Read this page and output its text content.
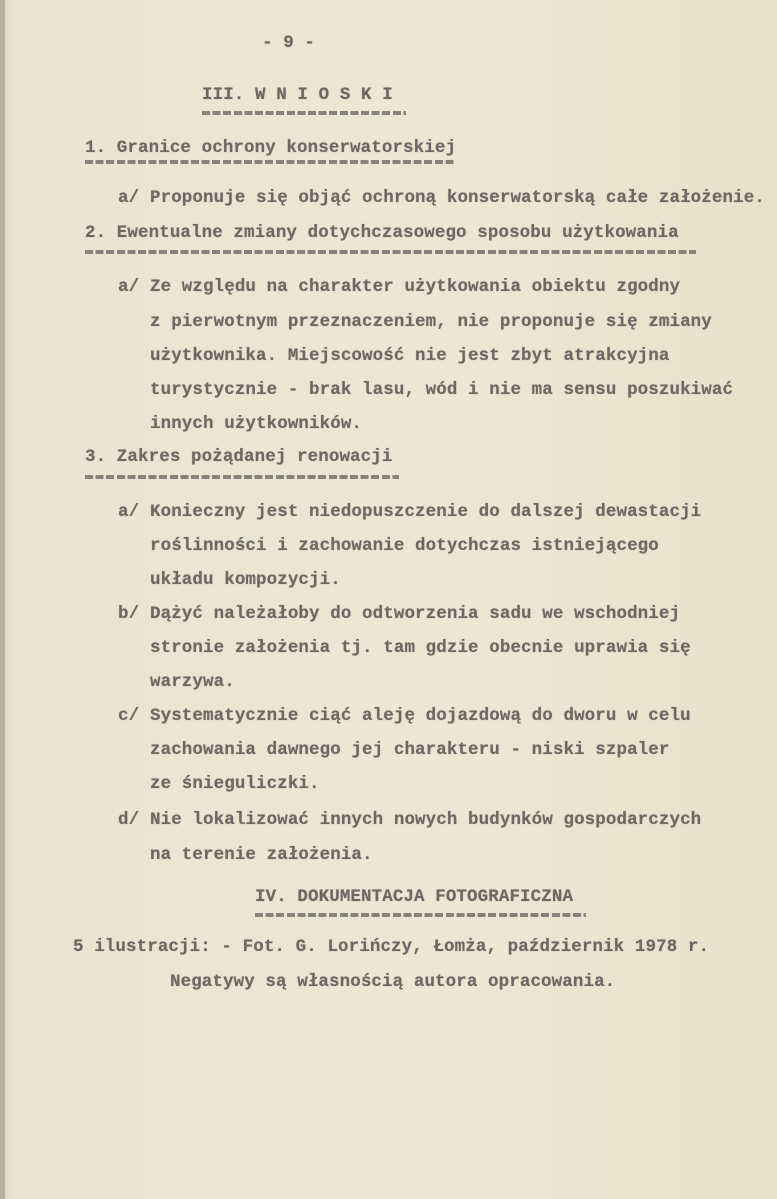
- 9 -
III. W N I O S K I
1. Granice ochrony konserwatorskiej
a/ Proponuje się objąć ochroną konserwatorską całe założenie.
2. Ewentualne zmiany dotychczasowego sposobu użytkowania
a/ Ze względu na charakter użytkowania obiektu zgodny
z pierwotnym przeznaczeniem, nie proponuje się zmiany
użytkownika. Miejscowość nie jest zbyt atrakcyjna
turystycznie - brak lasu, wód i nie ma sensu poszukiwać
innych użytkowników.
3. Zakres pożądanej renowacji
a/ Konieczny jest niedopuszczenie do dalszej dewastacji
roślinności i zachowanie dotychczas istniejącego
układu kompozycji.
b/ Dążyć należałoby do odtworzenia sadu we wschodniej
stronie założenia tj. tam gdzie obecnie uprawia się
warzywa.
c/ Systematycznie ciąć aleję dojazdową do dworu w celu
zachowania dawnego jej charakteru - niski szpaler
ze śnieguliczki.
d/ Nie lokalizować innych nowych budynków gospodarczych
na terenie założenia.
IV. DOKUMENTACJA FOTOGRAFICZNA
5 ilustracji: - Fot. G. Lorińczy, Łomża, październik 1978 r.
Negatywy są własnością autora opracowania.
